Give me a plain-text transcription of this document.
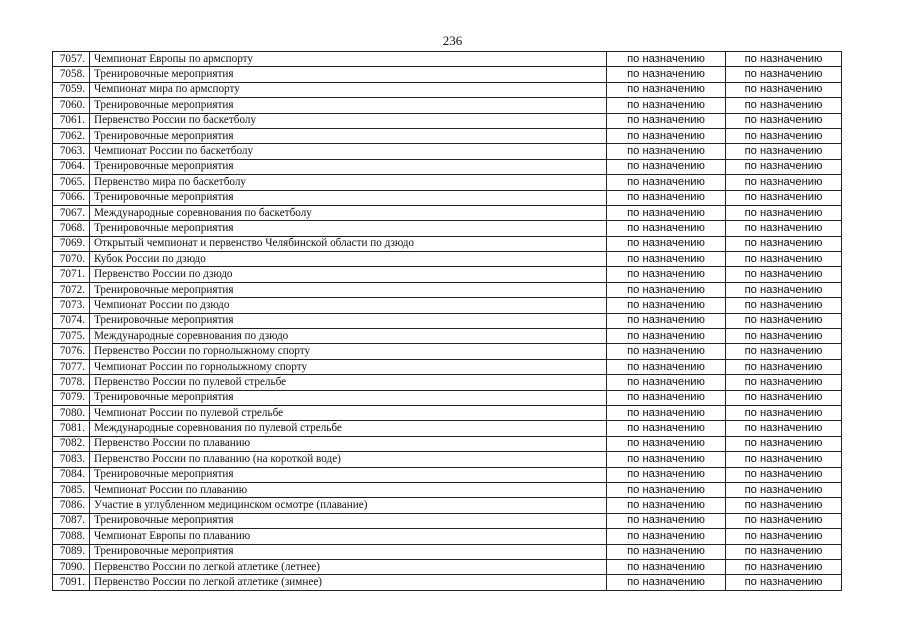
236
7057.	Чемпионат Европы по армспорту	по назначению	по назначению
7058.	Тренировочные мероприятия	по назначению	по назначению
7059.	Чемпионат мира по армспорту	по назначению	по назначению
7060.	Тренировочные мероприятия	по назначению	по назначению
7061.	Первенство России по баскетболу	по назначению	по назначению
7062.	Тренировочные мероприятия	по назначению	по назначению
7063.	Чемпионат России по баскетболу	по назначению	по назначению
7064.	Тренировочные мероприятия	по назначению	по назначению
7065.	Первенство мира по баскетболу	по назначению	по назначению
7066.	Тренировочные мероприятия	по назначению	по назначению
7067.	Международные соревнования по баскетболу	по назначению	по назначению
7068.	Тренировочные мероприятия	по назначению	по назначению
7069.	Открытый чемпионат и первенство Челябинской области по дзюдо	по назначению	по назначению
7070.	Кубок России по дзюдо	по назначению	по назначению
7071.	Первенство России по дзюдо	по назначению	по назначению
7072.	Тренировочные мероприятия	по назначению	по назначению
7073.	Чемпионат России по дзюдо	по назначению	по назначению
7074.	Тренировочные мероприятия	по назначению	по назначению
7075.	Международные соревнования по дзюдо	по назначению	по назначению
7076.	Первенство России по горнолыжному спорту	по назначению	по назначению
7077.	Чемпионат России по горнолыжному спорту	по назначению	по назначению
7078.	Первенство России по пулевой стрельбе	по назначению	по назначению
7079.	Тренировочные мероприятия	по назначению	по назначению
7080.	Чемпионат России по пулевой стрельбе	по назначению	по назначению
7081.	Международные соревнования по пулевой стрельбе	по назначению	по назначению
7082.	Первенство России по плаванию	по назначению	по назначению
7083.	Первенство России по плаванию (на короткой воде)	по назначению	по назначению
7084.	Тренировочные мероприятия	по назначению	по назначению
7085.	Чемпионат России по плаванию	по назначению	по назначению
7086.	Участие в углубленном медицинском осмотре (плавание)	по назначению	по назначению
7087.	Тренировочные мероприятия	по назначению	по назначению
7088.	Чемпионат Европы по плаванию	по назначению	по назначению
7089.	Тренировочные мероприятия	по назначению	по назначению
7090.	Первенство России по легкой атлетике (летнее)	по назначению	по назначению
7091.	Первенство России по легкой атлетике (зимнее)	по назначению	по назначению
